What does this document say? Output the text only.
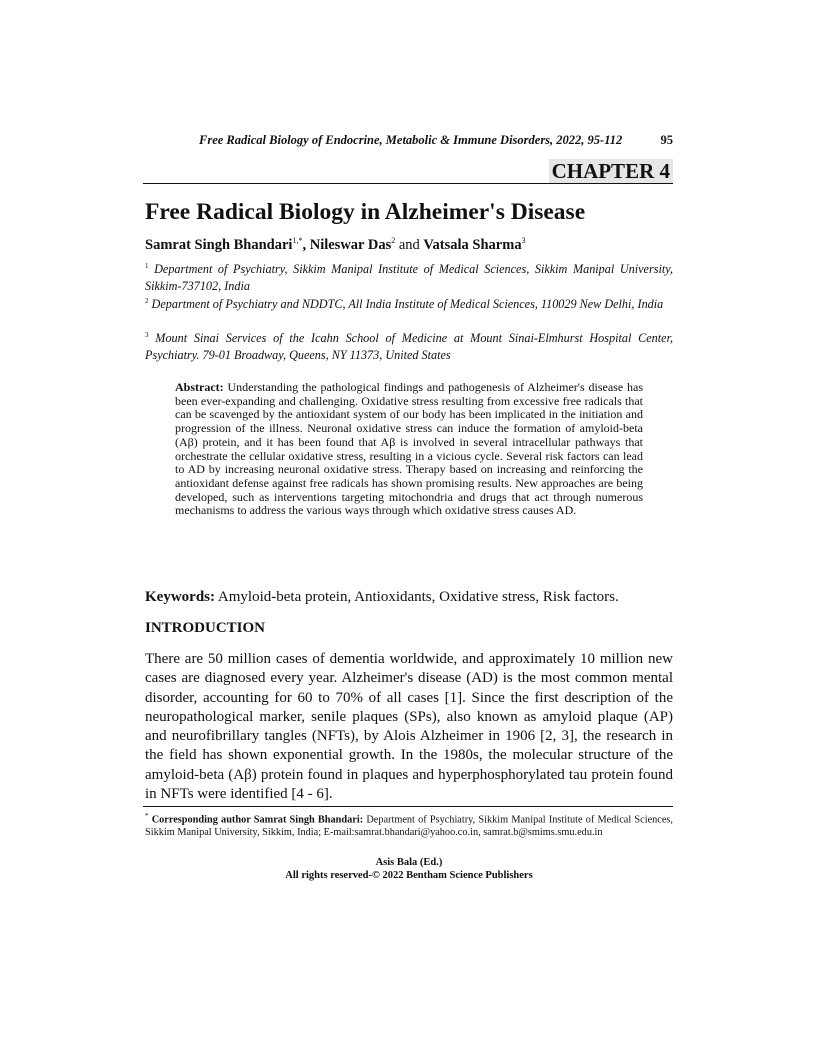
Free Radical Biology of Endocrine, Metabolic & Immune Disorders, 2022, 95-112	95
CHAPTER 4
Free Radical Biology in Alzheimer's Disease
Samrat Singh Bhandari$^{1,*}$, Nileswar Das$^2$ and Vatsala Sharma$^3$
$^1$ Department of Psychiatry, Sikkim Manipal Institute of Medical Sciences, Sikkim Manipal University, Sikkim-737102, India
$^2$ Department of Psychiatry and NDDTC, All India Institute of Medical Sciences, 110029 New Delhi, India
$^3$ Mount Sinai Services of the Icahn School of Medicine at Mount Sinai-Elmhurst Hospital Center, Psychiatry. 79-01 Broadway, Queens, NY 11373, United States
Abstract: Understanding the pathological findings and pathogenesis of Alzheimer's disease has been ever-expanding and challenging. Oxidative stress resulting from excessive free radicals that can be scavenged by the antioxidant system of our body has been implicated in the initiation and progression of the illness. Neuronal oxidative stress can induce the formation of amyloid-beta (Aβ) protein, and it has been found that Aβ is involved in several intracellular pathways that orchestrate the cellular oxidative stress, resulting in a vicious cycle. Several risk factors can lead to AD by increasing neuronal oxidative stress. Therapy based on increasing and reinforcing the antioxidant defense against free radicals has shown promising results. New approaches are being developed, such as interventions targeting mitochondria and drugs that act through numerous mechanisms to address the various ways through which oxidative stress causes AD.
Keywords: Amyloid-beta protein, Antioxidants, Oxidative stress, Risk factors.
INTRODUCTION
There are 50 million cases of dementia worldwide, and approximately 10 million new cases are diagnosed every year. Alzheimer's disease (AD) is the most common mental disorder, accounting for 60 to 70% of all cases [1]. Since the first description of the neuropathological marker, senile plaques (SPs), also known as amyloid plaque (AP) and neurofibrillary tangles (NFTs), by Alois Alzheimer in 1906 [2, 3], the research in the field has shown exponential growth. In the 1980s, the molecular structure of the amyloid-beta (Aβ) protein found in plaques and hyperphosphorylated tau protein found in NFTs were identified [4 - 6].
* Corresponding author Samrat Singh Bhandari: Department of Psychiatry, Sikkim Manipal Institute of Medical Sciences, Sikkim Manipal University, Sikkim, India; E-mail:samrat.bhandari@yahoo.co.in, samrat.b@smims.smu.edu.in
Asis Bala (Ed.)
All rights reserved-© 2022 Bentham Science Publishers
